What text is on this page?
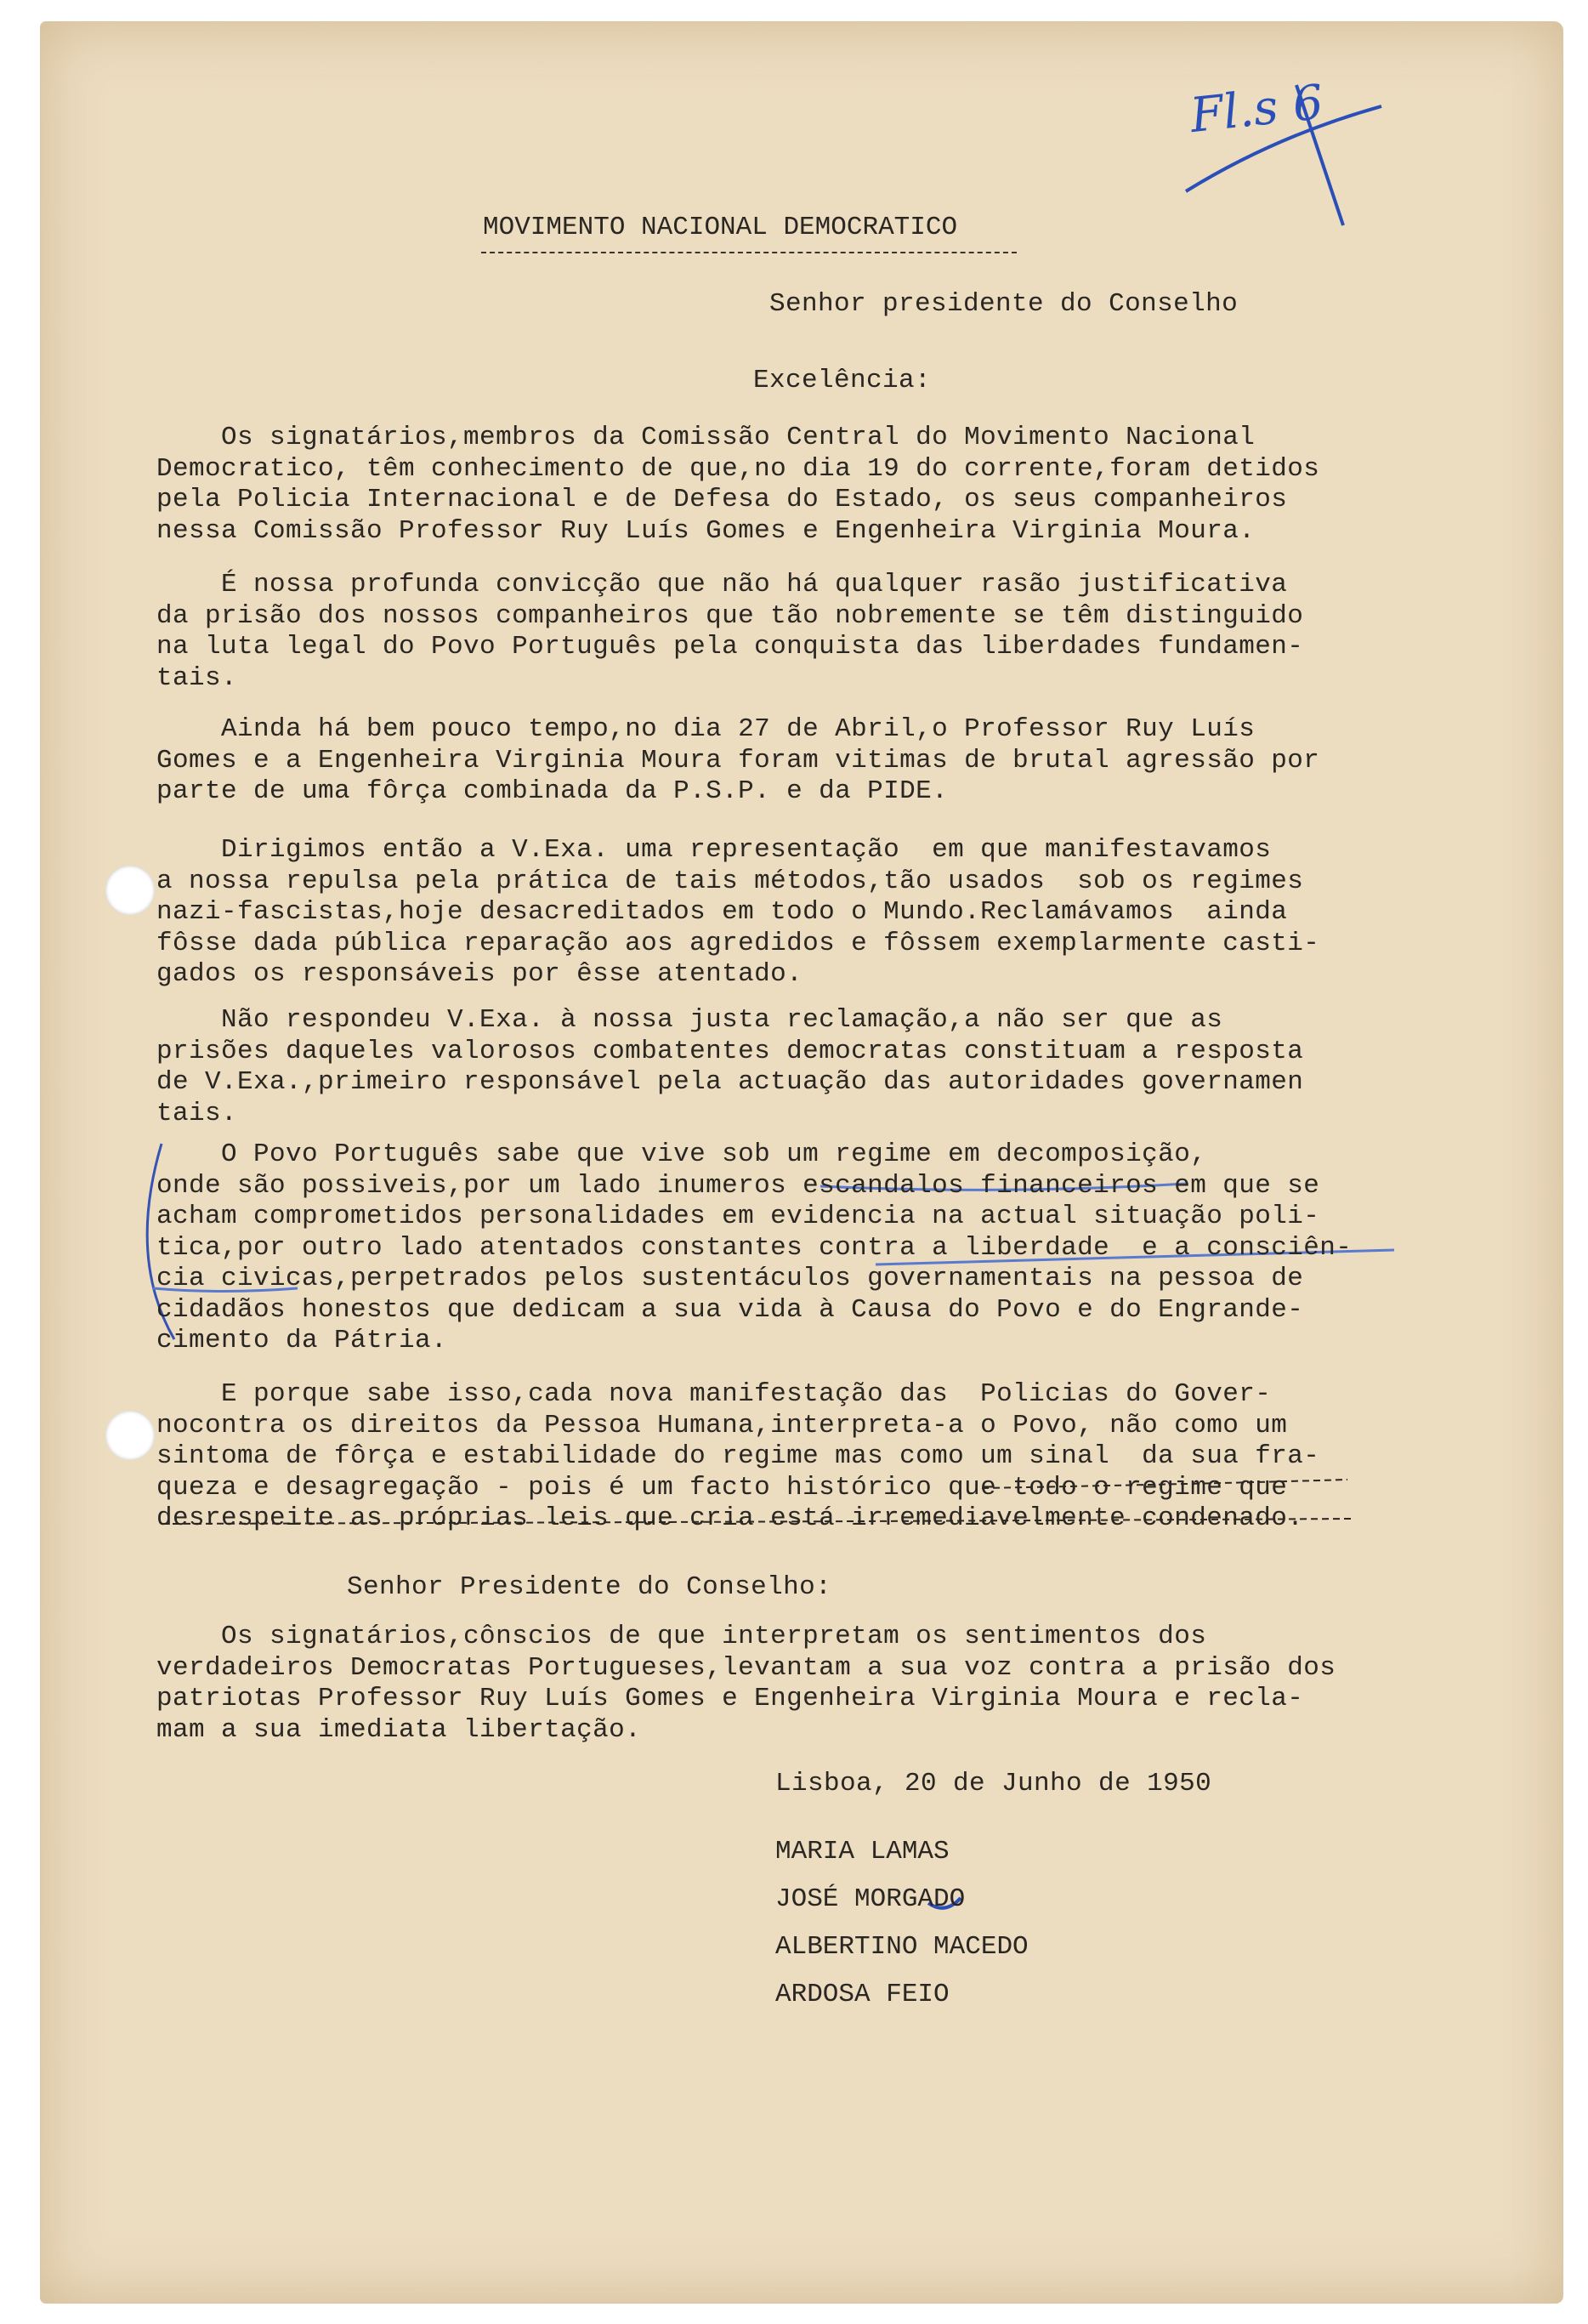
Fl.s 6
MOVIMENTO NACIONAL DEMOCRATICO
Senhor presidente do Conselho
Excelência:
Os signatários,membros da Comissão Central do Movimento Nacional
Democratico, têm conhecimento de que,no dia 19 do corrente,foram detidos
pela Policia Internacional e de Defesa do Estado, os seus companheiros
nessa Comissão Professor Ruy Luís Gomes e Engenheira Virginia Moura.
É nossa profunda convicção que não há qualquer rasão justificativa
da prisão dos nossos companheiros que tão nobremente se têm distinguido
na luta legal do Povo Português pela conquista das liberdades fundamen-
tais.
Ainda há bem pouco tempo,no dia 27 de Abril,o Professor Ruy Luís
Gomes e a Engenheira Virginia Moura foram vitimas de brutal agressão por
parte de uma fôrça combinada da P.S.P. e da PIDE.
Dirigimos então a V.Exa. uma representação  em que manifestavamos
a nossa repulsa pela prática de tais métodos,tão usados  sob os regimes
nazi-fascistas,hoje desacreditados em todo o Mundo.Reclamávamos  ainda
fôsse dada pública reparação aos agredidos e fôssem exemplarmente casti-
gados os responsáveis por êsse atentado.
Não respondeu V.Exa. à nossa justa reclamação,a não ser que as
prisões daqueles valorosos combatentes democratas constituam a resposta
de V.Exa.,primeiro responsável pela actuação das autoridades governamen
tais.
O Povo Português sabe que vive sob um regime em decomposição,
onde são possiveis,por um lado inumeros escandalos financeiros em que se
acham comprometidos personalidades em evidencia na actual situação poli-
tica,por outro lado atentados constantes contra a liberdade  e a consciên-
cia civicas,perpetrados pelos sustentáculos governamentais na pessoa de
cidadãos honestos que dedicam a sua vida à Causa do Povo e do Engrande-
cimento da Pátria.
E porque sabe isso,cada nova manifestação das  Policias do Gover-
nocontra os direitos da Pessoa Humana,interpreta-a o Povo, não como um
sintoma de fôrça e estabilidade do regime mas como um sinal  da sua fra-
queza e desagregação - pois é um facto histórico que todo o regime que
desrespeite as próprias leis que cria está irremediavelmente condenado.
Senhor Presidente do Conselho:
Os signatários,cônscios de que interpretam os sentimentos dos
verdadeiros Democratas Portugueses,levantam a sua voz contra a prisão dos
patriotas Professor Ruy Luís Gomes e Engenheira Virginia Moura e recla-
mam a sua imediata libertação.
Lisboa, 20 de Junho de 1950
MARIA LAMAS
JOSÉ MORGADO
ALBERTINO MACEDO
ARDOSA FEIO
